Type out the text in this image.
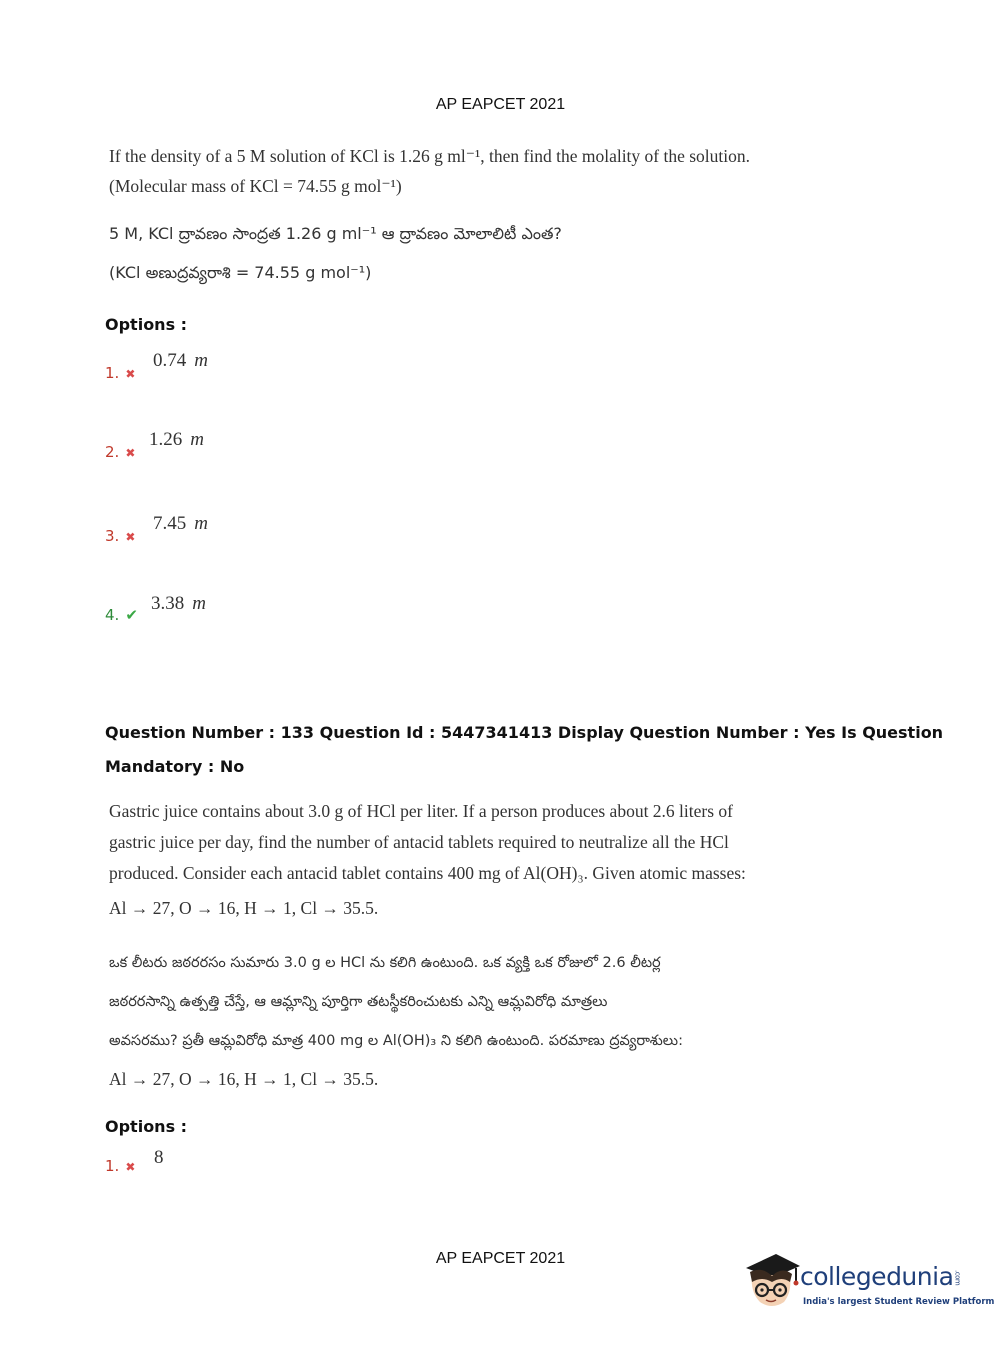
AP EAPCET 2021
If the density of a 5 M solution of KCl is 1.26 g ml⁻¹, then find the molality of the solution.
(Molecular mass of KCl = 74.55 g mol⁻¹)
5 M, KCl ద్రావణం సాంద్రత 1.26 g ml⁻¹ ఆ ద్రావణం మోలాలిటీ ఎంత?
(KCl అణుద్రవ్యరాశి = 74.55 g mol⁻¹)
Options :
1. ✖
0.74 m
2. ✖
1.26 m
3. ✖
7.45 m
4. ✔
3.38 m
Question Number : 133 Question Id : 5447341413 Display Question Number : Yes Is Question
Mandatory : No
Gastric juice contains about 3.0 g of HCl per liter. If a person produces about 2.6 liters of
gastric juice per day, find the number of antacid tablets required to neutralize all the HCl
produced. Consider each antacid tablet contains 400 mg of Al(OH)₃. Given atomic masses:
Al → 27, O → 16, H → 1, Cl → 35.5.
ఒక లీటరు జఠరరసం సుమారు 3.0 g ల HCl ను కలిగి ఉంటుంది. ఒక వ్యక్తి ఒక రోజులో 2.6 లీటర్ల
జఠరరసాన్ని ఉత్పత్తి చేస్తే, ఆ ఆమ్లాన్ని పూర్తిగా తటస్థీకరించుటకు ఎన్ని ఆమ్లవిరోధి మాత్రలు
అవసరము? ప్రతీ ఆమ్లవిరోధి మాత్ర 400 mg ల Al(OH)₃ ని కలిగి ఉంటుంది. పరమాణు ద్రవ్యరాశులు:
Al → 27, O → 16, H → 1, Cl → 35.5.
Options :
1. ✖ 8
AP EAPCET 2021
collegedunia.com
India's largest Student Review Platform
